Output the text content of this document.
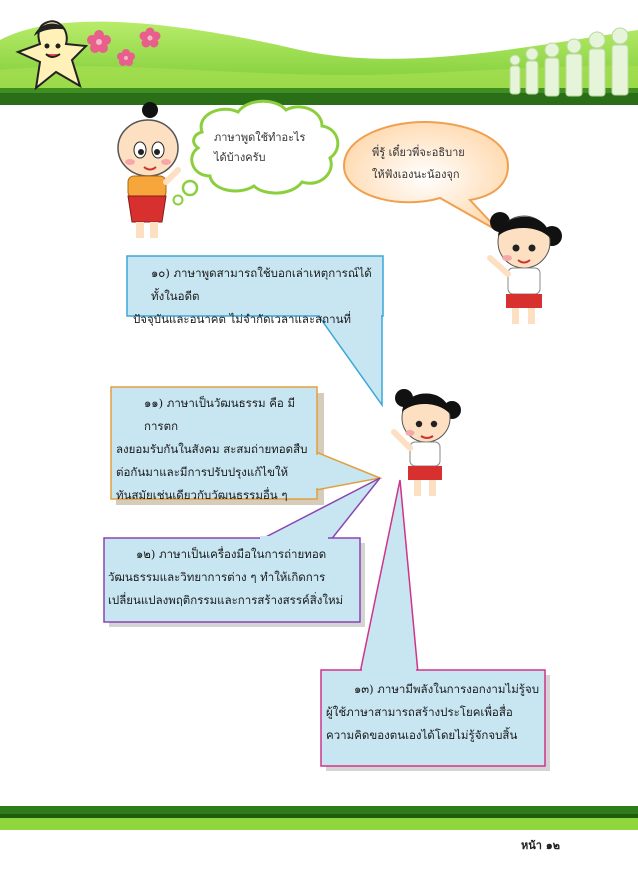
หน้า ๑๒
ภาษาพูดใช้ทำอะไร
ได้บ้างครับ	พี่รู้ เดี๋ยวพี่จะอธิบาย
ให้ฟังเองนะน้องจุก

๑๐) ภาษาพูดสามารถใช้บอกเล่าเหตุการณ์ได้ ทั้งในอดีต

ปัจจุบันและอนาคต ไม่จำกัดเวลาและสถานที่

๑๑) ภาษาเป็นวัฒนธรรม คือ มีการตก

ลงยอมรับกันในสังคม สะสมถ่ายทอดสืบ

ต่อกันมาและมีการปรับปรุงแก้ไขให้

ทันสมัยเช่นเดียวกับวัฒนธรรมอื่น ๆ

๑๒) ภาษาเป็นเครื่องมือในการถ่ายทอด

วัฒนธรรมและวิทยาการต่าง ๆ ทำให้เกิดการ

เปลี่ยนแปลงพฤติกรรมและการสร้างสรรค์สิ่งใหม่

๑๓) ภาษามีพลังในการงอกงามไม่รู้จบ

ผู้ใช้ภาษาสามารถสร้างประโยคเพื่อสื่อ

ความคิดของตนเองได้โดยไม่รู้จักจบสิ้น
